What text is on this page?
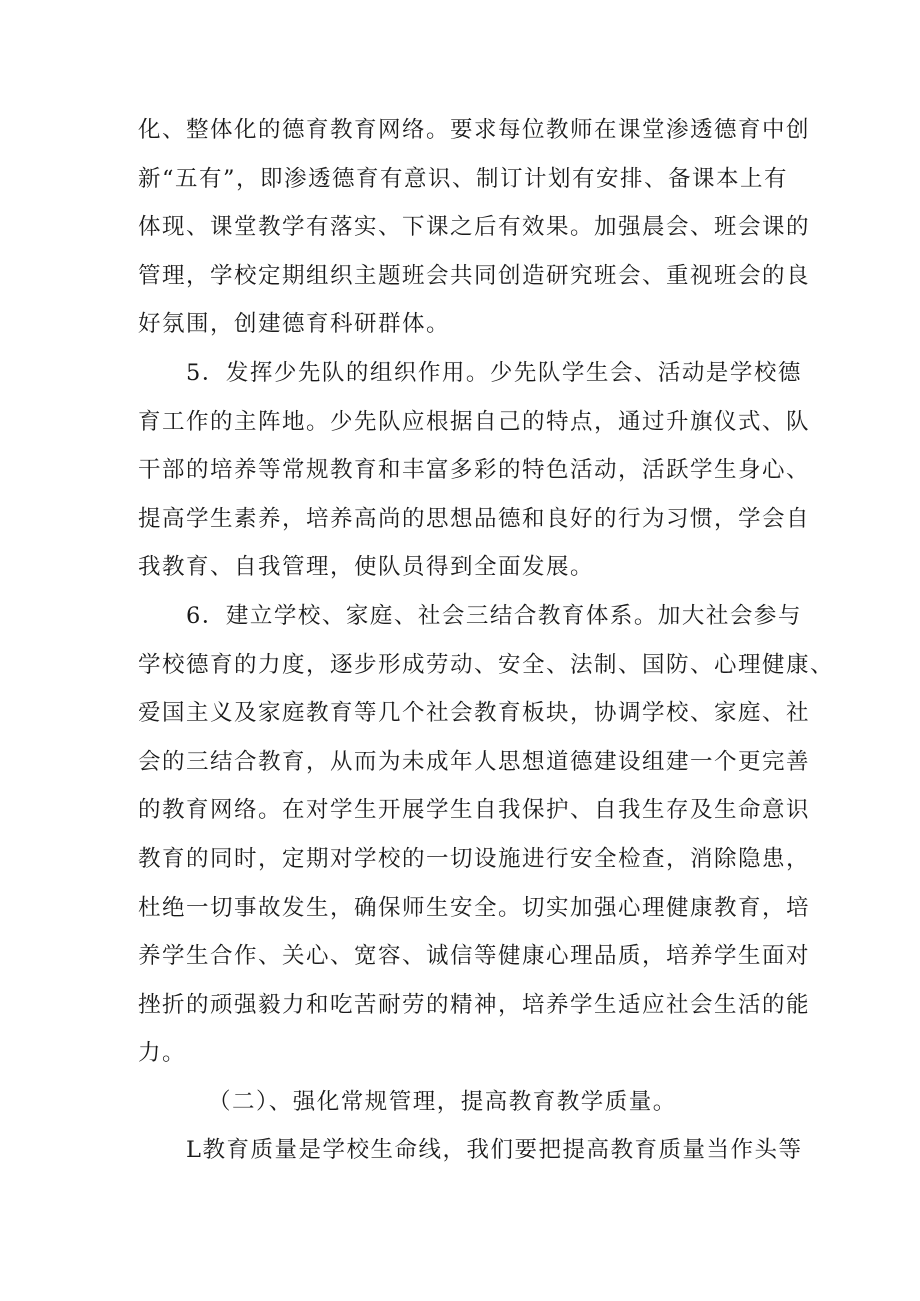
化、整体化的德育教育网络。要求每位教师在课堂渗透德育中创
新“五有”，即渗透德育有意识、制订计划有安排、备课本上有
体现、课堂教学有落实、下课之后有效果。加强晨会、班会课的
管理，学校定期组织主题班会共同创造研究班会、重视班会的良
好氛围，创建德育科研群体。
5．发挥少先队的组织作用。少先队学生会、活动是学校德
育工作的主阵地。少先队应根据自己的特点，通过升旗仪式、队
干部的培养等常规教育和丰富多彩的特色活动，活跃学生身心、
提高学生素养，培养高尚的思想品德和良好的行为习惯，学会自
我教育、自我管理，使队员得到全面发展。
6．建立学校、家庭、社会三结合教育体系。加大社会参与
学校德育的力度，逐步形成劳动、安全、法制、国防、心理健康、
爱国主义及家庭教育等几个社会教育板块，协调学校、家庭、社
会的三结合教育，从而为未成年人思想道德建设组建一个更完善
的教育网络。在对学生开展学生自我保护、自我生存及生命意识
教育的同时，定期对学校的一切设施进行安全检查，消除隐患，
杜绝一切事故发生，确保师生安全。切实加强心理健康教育，培
养学生合作、关心、宽容、诚信等健康心理品质，培养学生面对
挫折的顽强毅力和吃苦耐劳的精神，培养学生适应社会生活的能
力。
（二）、强化常规管理，提高教育教学质量。
L教育质量是学校生命线，我们要把提高教育质量当作头等
